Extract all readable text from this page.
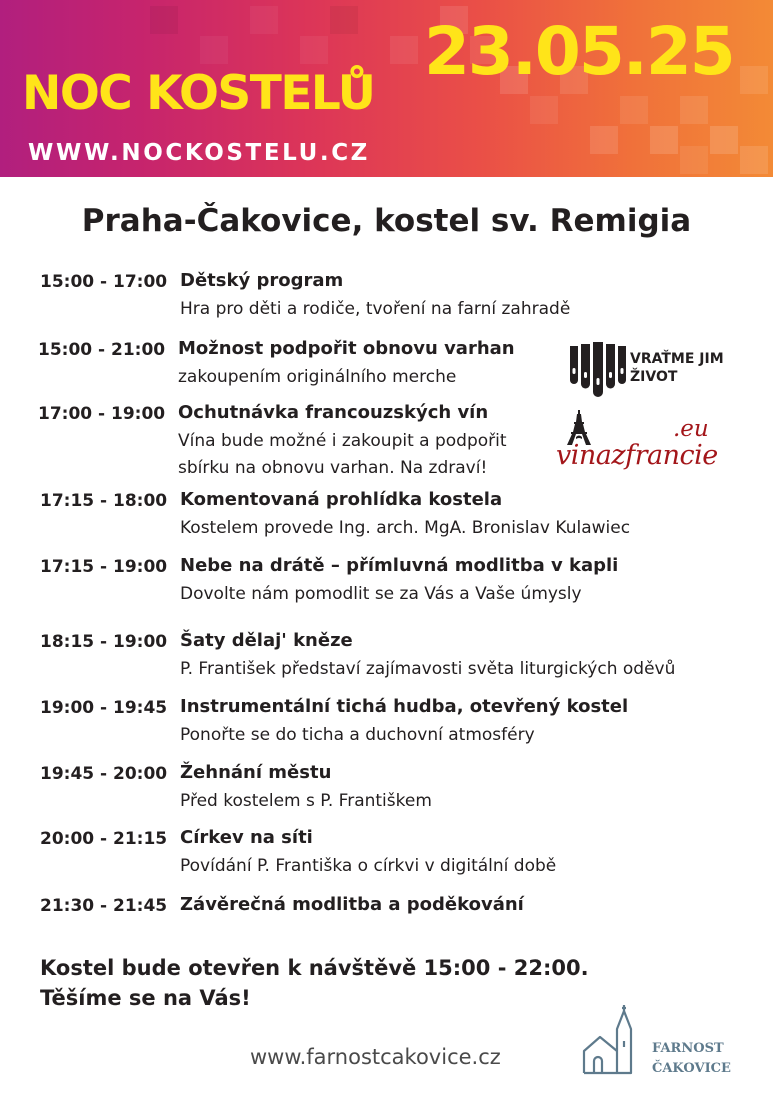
NOC KOSTELŮ
23.05.25
WWW.NOCKOSTELU.CZ
Praha-Čakovice, kostel sv. Remigia
15:00 - 17:00 Dětský program
Hra pro děti a rodiče, tvoření na farní zahradě
15:00 - 21:00 Možnost podpořit obnovu varhan
zakoupením originálního merche
17:00 - 19:00 Ochutnávka francouzských vín
Vína bude možné i zakoupit a podpořit
sbírku na obnovu varhan. Na zdraví!
17:15 - 18:00 Komentovaná prohlídka kostela
Kostelem provede Ing. arch. MgA. Bronislav Kulawiec
17:15 - 19:00 Nebe na drátě – přímluvná modlitba v kapli
Dovolte nám pomodlit se za Vás a Vaše úmysly
18:15 - 19:00 Šaty dělaj' kněze
P. František představí zajímavosti světa liturgických oděvů
19:00 - 19:45 Instrumentální tichá hudba, otevřený kostel
Ponořte se do ticha a duchovní atmosféry
19:45 - 20:00 Žehnání městu
Před kostelem s P. Františkem
20:00 - 21:15 Církev na síti
Povídání P. Františka o církvi v digitální době
21:30 - 21:45 Závěrečná modlitba a poděkování
VRAŤME JIM
ŽIVOT
.eu
vinazfrancie
Kostel bude otevřen k návštěvě 15:00 - 22:00.
Těšíme se na Vás!
www.farnostcakovice.cz	FARNOST
ČAKOVICE
